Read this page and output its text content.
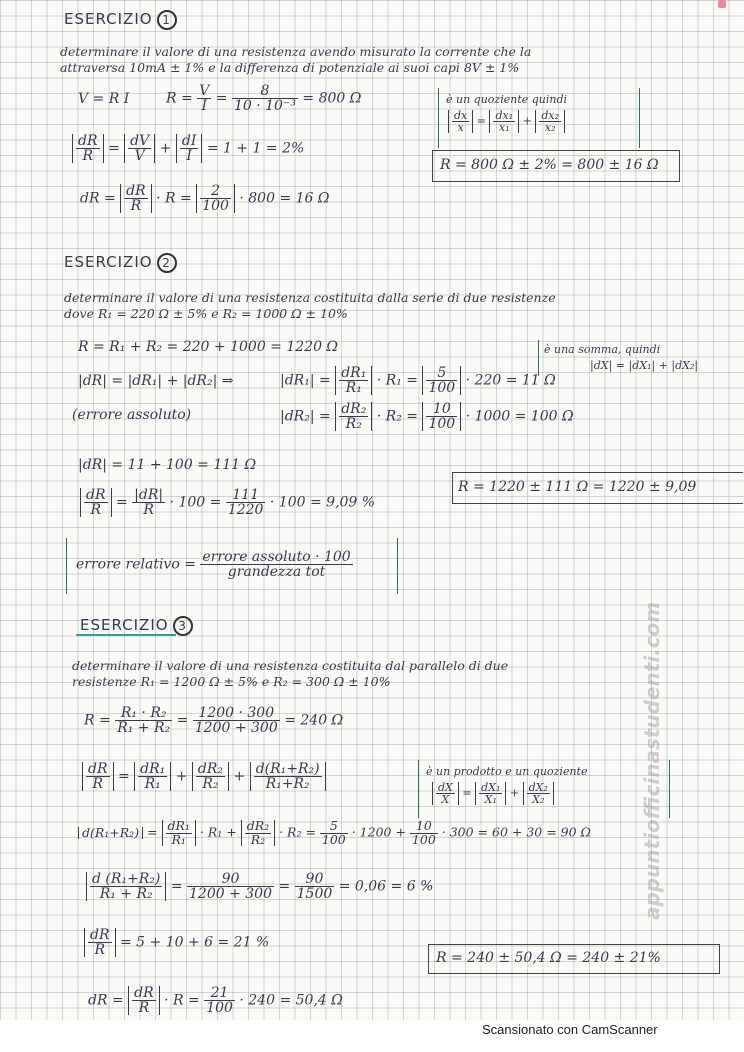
ESERCIZIO 1
determinare il valore di una resistenza avendo misurato la corrente che la
attraversa 10mA ± 1% e la differenza di potenziale ai suoi capi 8V ± 1%
V = R I	$R = \frac{V}{I} = \frac{8}{\text{10 · 10⁻³}} = 800$ Ω
$\frac{dR}{R} = \frac{dV}{V} + \frac{dI}{I} = 1 + 1 = 2\%$
dR = $\frac{dR}{R} \cdot R = \frac{2}{100} \cdot 800 = 16$ Ω
è un quoziente quindi
$\frac{dx}{x} = \frac{\text{dx₁}}{\text{x₁}} + \frac{\text{dx₂}}{\text{x₂}}$
R = 800 Ω ± 2% = 800 ± 16 Ω
ESERCIZIO 2
determinare il valore di una resistenza costituita dalla serie di due resistenze
dove R₁ = 220 Ω ± 5% e R₂ = 1000 Ω ± 10%
R = R₁ + R₂ = 220 + 1000 = 1220 Ω	è una somma, quindi
|dX| = |dX₁| + |dX₂|
|dR| = |dR₁| + |dR₂| ⇒	$|dR_1| = \frac{\text{dR₁}}{\text{R₁}} \cdot R_1 = \frac{5}{100} \cdot 220 = 11$ Ω
(errore assoluto)	$|dR_2| = \frac{\text{dR₂}}{\text{R₂}} \cdot R_2 = \frac{10}{100} \cdot 1000 = 100$ Ω
|dR| = 11 + 100 = 111 Ω
$\frac{dR}{R} = \frac{|dR|}{R} \cdot 100 = \frac{111}{1220} \cdot 100 = 9,09$ %
R = 1220 ± 111 Ω = 1220 ± 9,09
errore relativo = $\frac{\text{errore assoluto · 100}}{\text{grandezza tot}}$
ESERCIZIO 3
determinare il valore di una resistenza costituita dal parallelo di due
resistenze R₁ = 1200 Ω ± 5% e R₂ = 300 Ω ± 10%
$R = \frac{\text{R₁ · R₂}}{\text{R₁ + R₂}} = \frac{1200 \cdot 300}{1200 + 300} = 240$ Ω
$\frac{dR}{R} = \frac{\text{dR₁}}{\text{R₁}} + \frac{\text{dR₂}}{\text{R₂}} + \frac{\text{d(R₁+R₂)}}{\text{R₁+R₂}}$	è un prodotto e un quoziente
$\frac{dX}{X} = \frac{\text{dX₁}}{\text{X₁}} + \frac{\text{dX₂}}{\text{X₂}}$
$d(R_1+R_2) = \frac{\text{dR₁}}{\text{R₁}} \cdot R_1 + \frac{\text{dR₂}}{\text{R₂}} \cdot R_2 = \frac{5}{100} \cdot 1200 + \frac{10}{100} \cdot 300 = 60 + 30 = 90$ Ω
$\frac{\text{d (R₁+R₂)}}{\text{R₁ + R₂}} = \frac{90}{1200 + 300} = \frac{90}{1500} = 0,06 = 6$ %
$\frac{dR}{R} = 5 + 10 + 6 = 21$ %
R = 240 ± 50,4 Ω = 240 ± 21%
dR = $\frac{dR}{R} \cdot R = \frac{21}{100} \cdot 240 = 50,4$ Ω
appuntiofficinastudenti.com
Scansionato con CamScanner
